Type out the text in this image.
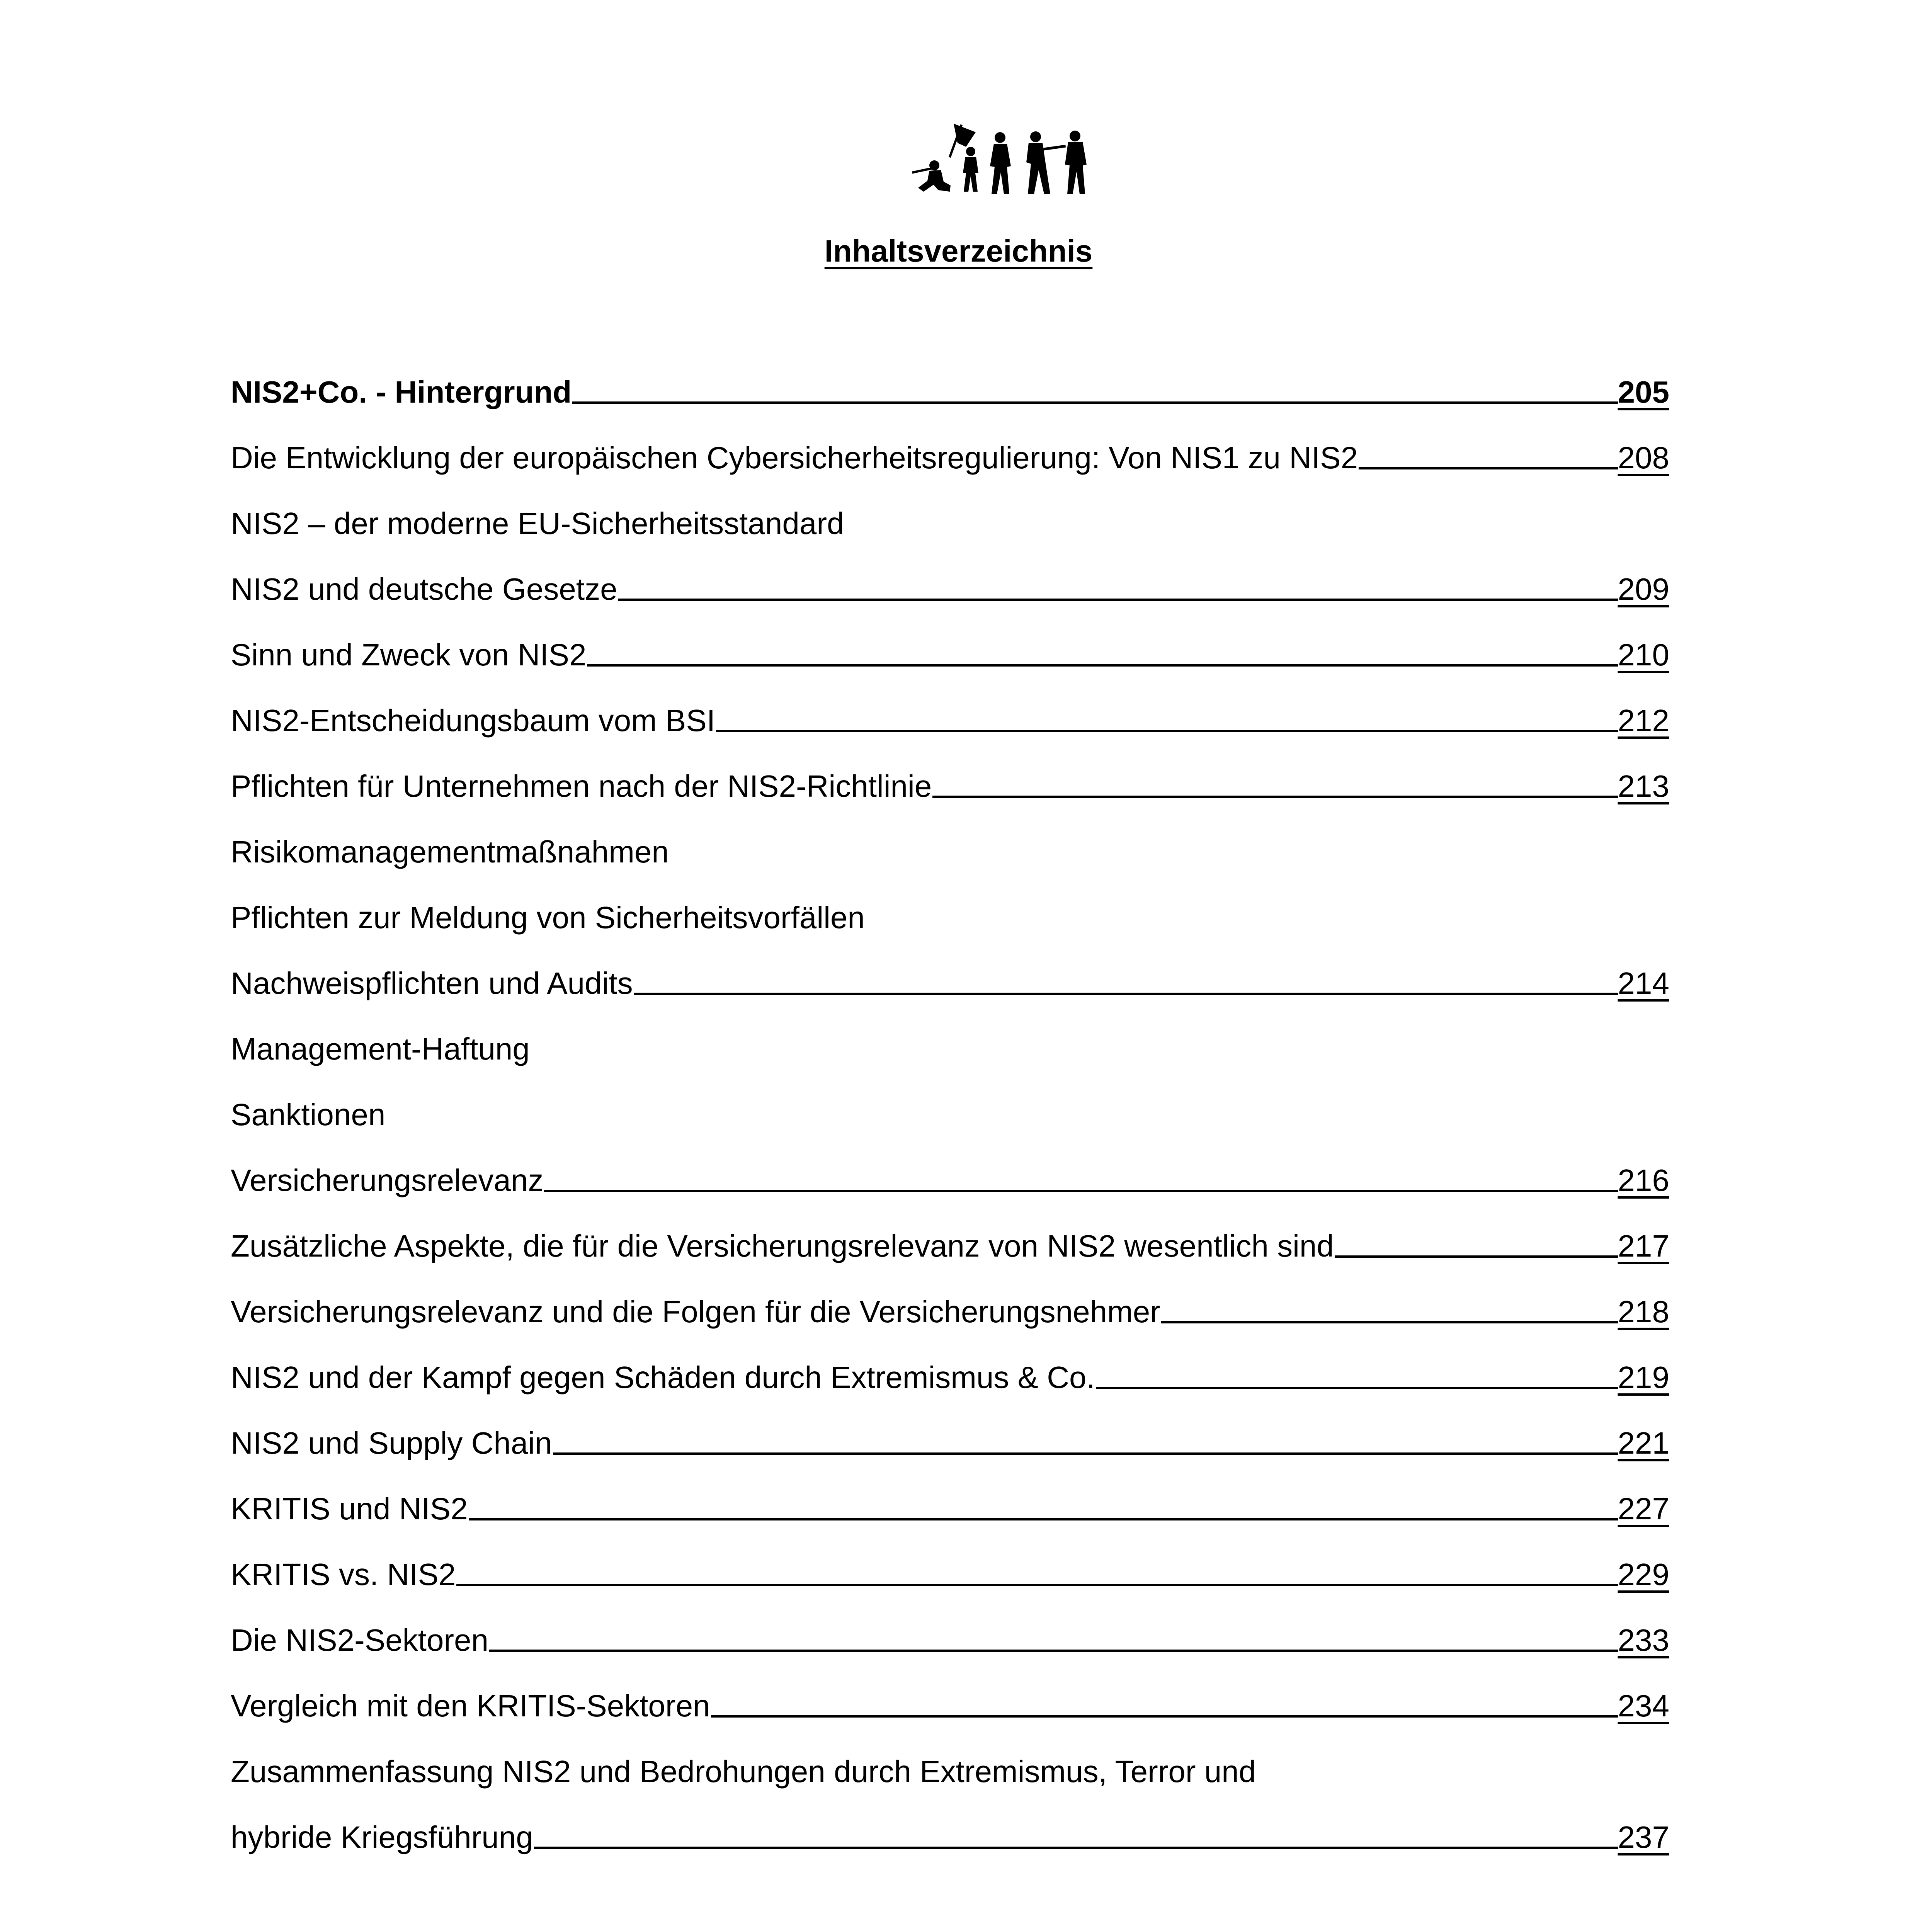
Inhaltsverzeichnis
NIS2+Co. - Hintergrund	205
Die Entwicklung der europäischen Cybersicherheitsregulierung: Von NIS1 zu NIS2	208
NIS2 – der moderne EU-Sicherheitsstandard
NIS2 und deutsche Gesetze	209
Sinn und Zweck von NIS2	210
NIS2-Entscheidungsbaum vom BSI	212
Pflichten für Unternehmen nach der NIS2-Richtlinie	213
Risikomanagementmaßnahmen
Pflichten zur Meldung von Sicherheitsvorfällen
Nachweispflichten und Audits	214
Management-Haftung
Sanktionen
Versicherungsrelevanz	216
Zusätzliche Aspekte, die für die Versicherungsrelevanz von NIS2 wesentlich sind	217
Versicherungsrelevanz und die Folgen für die Versicherungsnehmer	218
NIS2 und der Kampf gegen Schäden durch Extremismus & Co.	219
NIS2 und Supply Chain	221
KRITIS und NIS2	227
KRITIS vs. NIS2	229
Die NIS2-Sektoren	233
Vergleich mit den KRITIS-Sektoren	234
Zusammenfassung NIS2 und Bedrohungen durch Extremismus, Terror und
hybride Kriegsführung	237
